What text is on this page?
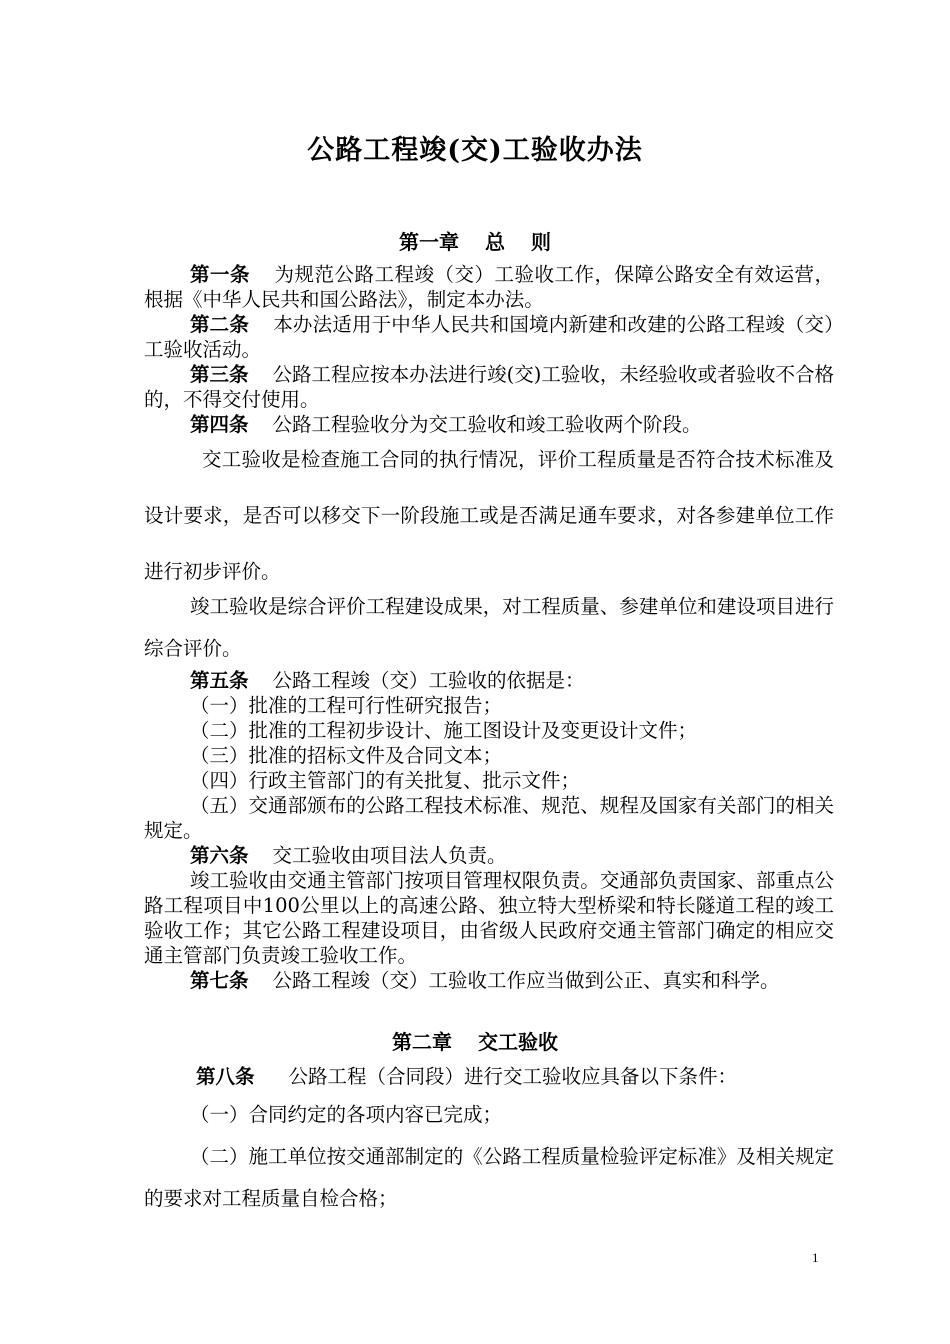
公路工程竣(交)工验收办法
第一章 总 则

第一条 为规范公路工程竣（交）工验收工作，保障公路安全有效运营，根据《中华人民共和国公路法》，制定本办法。

第二条 本办法适用于中华人民共和国境内新建和改建的公路工程竣（交）工验收活动。

第三条 公路工程应按本办法进行竣(交)工验收，未经验收或者验收不合格的，不得交付使用。

第四条 公路工程验收分为交工验收和竣工验收两个阶段。

交工验收是检查施工合同的执行情况，评价工程质量是否符合技术标准及设计要求，是否可以移交下一阶段施工或是否满足通车要求，对各参建单位工作进行初步评价。

竣工验收是综合评价工程建设成果，对工程质量、参建单位和建设项目进行综合评价。

第五条 公路工程竣（交）工验收的依据是：

（一）批准的工程可行性研究报告；
（二）批准的工程初步设计、施工图设计及变更设计文件；
（三）批准的招标文件及合同文本；
（四）行政主管部门的有关批复、批示文件；
（五）交通部颁布的公路工程技术标准、规范、规程及国家有关部门的相关规定。

第六条 交工验收由项目法人负责。

竣工验收由交通主管部门按项目管理权限负责。交通部负责国家、部重点公路工程项目中100公里以上的高速公路、独立特大型桥梁和特长隧道工程的竣工验收工作；其它公路工程建设项目，由省级人民政府交通主管部门确定的相应交通主管部门负责竣工验收工作。

第七条 公路工程竣（交）工验收工作应当做到公正、真实和科学。

第二章 交工验收

第八条 公路工程（合同段）进行交工验收应具备以下条件：

（一）合同约定的各项内容已完成；
（二）施工单位按交通部制定的《公路工程质量检验评定标准》及相关规定的要求对工程质量自检合格；
1
